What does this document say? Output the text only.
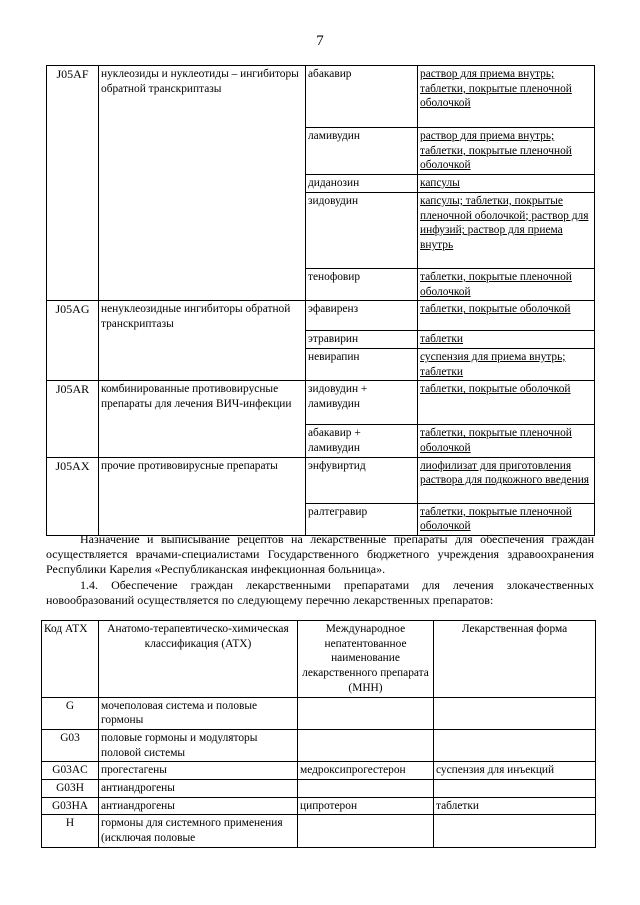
7
J05AF	нуклеозиды и нуклеотиды – ингибиторы обратной транскриптазы	абакавир	раствор для приема внутрь; таблетки, покрытые пленочной оболочкой
		ламивудин	раствор для приема внутрь; таблетки, покрытые пленочной оболочкой
		диданозин	капсулы
		зидовудин	капсулы; таблетки, покрытые пленочной оболочкой; раствор для инфузий; раствор для приема внутрь
		тенофовир	таблетки, покрытые пленочной оболочкой
J05AG	ненуклеозидные ингибиторы обратной транскриптазы	эфавиренз	таблетки, покрытые оболочкой
		этравирин	таблетки
		невирапин	суспензия для приема внутрь; таблетки
J05AR	комбинированные противовирусные препараты для лечения ВИЧ-инфекции	зидовудин + ламивудин	таблетки, покрытые оболочкой
		абакавир + ламивудин	таблетки, покрытые пленочной оболочкой
J05AX	прочие противовирусные препараты	энфувиртид	лиофилизат для приготовления раствора для подкожного введения
		ралтегравир	таблетки, покрытые пленочной оболочкой

Назначение и выписывание рецептов на лекарственные препараты для обеспечения граждан осуществляется врачами-специалистами Государственного бюджетного учреждения здравоохранения Республики Карелия «Республиканская инфекционная больница».

1.4. Обеспечение граждан лекарственными препаратами для лечения злокачественных новообразований осуществляется по следующему перечню лекарственных препаратов:

Код АТХ	Анатомо-терапевтическо-химическая классификация (АТХ)	Международное непатентованное наименование лекарственного препарата (МНН)	Лекарственная форма
G	мочеполовая система и половые гормоны		
G03	половые гормоны и модуляторы половой системы		
G03AC	прогестагены	медроксипрогестерон	суспензия для инъекций
G03H	антиандрогены		
G03HA	антиандрогены	ципротерон	таблетки
H	гормоны для системного применения (исключая половые		
